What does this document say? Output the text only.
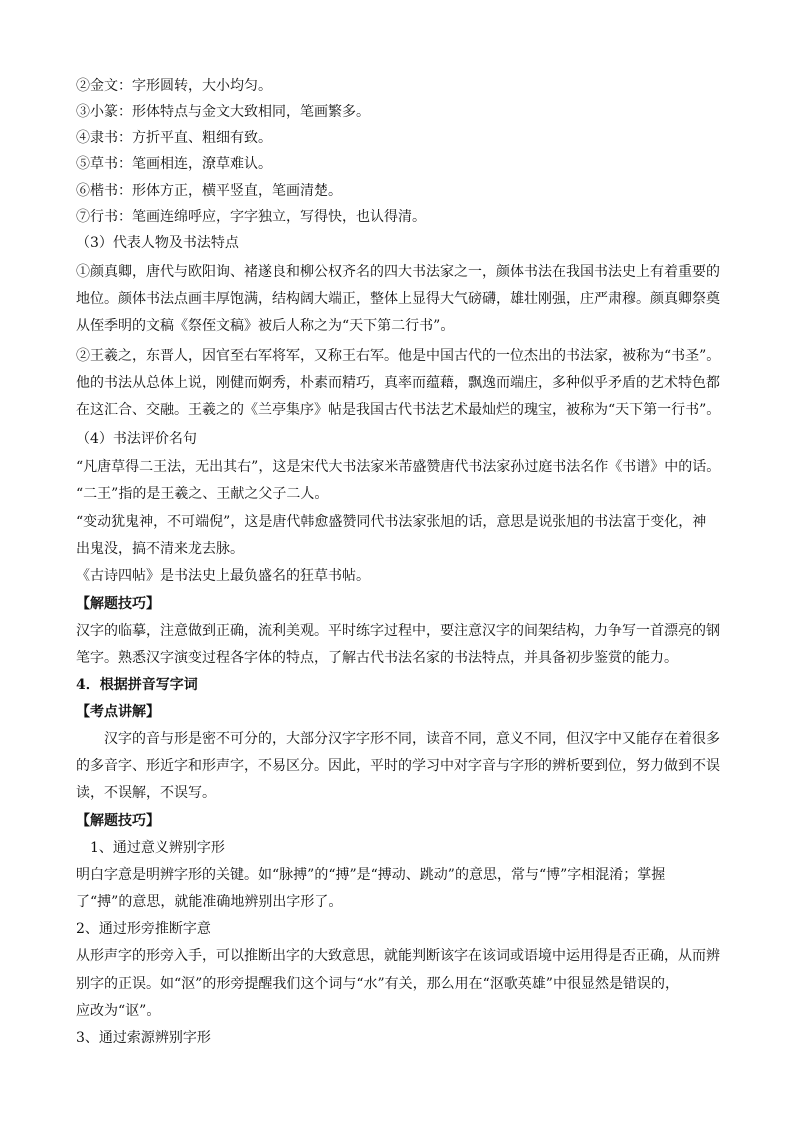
②金文：字形圆转，大小均匀。
③小篆：形体特点与金文大致相同，笔画繁多。
④隶书：方折平直、粗细有致。
⑤草书：笔画相连，潦草难认。
⑥楷书：形体方正，横平竖直，笔画清楚。
⑦行书：笔画连绵呼应，字字独立，写得快，也认得清。
（3）代表人物及书法特点
①颜真卿，唐代与欧阳询、褚遂良和柳公权齐名的四大书法家之一，颜体书法在我国书法史上有着重要的
地位。颜体书法点画丰厚饱满，结构阔大端正，整体上显得大气磅礴，雄壮刚强，庄严肃穆。颜真卿祭奠
从侄季明的文稿《祭侄文稿》被后人称之为“天下第二行书”。
②王羲之，东晋人，因官至右军将军，又称王右军。他是中国古代的一位杰出的书法家，被称为“书圣”。
他的书法从总体上说，刚健而婀秀，朴素而精巧，真率而蕴藉，飘逸而端庄，多种似乎矛盾的艺术特色都
在这汇合、交融。王羲之的《兰亭集序》帖是我国古代书法艺术最灿烂的瑰宝，被称为“天下第一行书”。
（4）书法评价名句
“凡唐草得二王法，无出其右”，这是宋代大书法家米芾盛赞唐代书法家孙过庭书法名作《书谱》中的话。
“二王”指的是王羲之、王献之父子二人。
“变动犹鬼神，不可端倪”，这是唐代韩愈盛赞同代书法家张旭的话，意思是说张旭的书法富于变化，神
出鬼没，搞不清来龙去脉。
《古诗四帖》是书法史上最负盛名的狂草书帖。
【解题技巧】
汉字的临摹，注意做到正确，流利美观。平时练字过程中，要注意汉字的间架结构，力争写一首漂亮的钢
笔字。熟悉汉字演变过程各字体的特点，了解古代书法名家的书法特点，并具备初步鉴赏的能力。
4．根据拼音写字词
【考点讲解】
　　汉字的音与形是密不可分的，大部分汉字字形不同，读音不同，意义不同，但汉字中又能存在着很多
的多音字、形近字和形声字，不易区分。因此，平时的学习中对字音与字形的辨析要到位，努力做到不误
读，不误解，不误写。
【解题技巧】
　1、通过意义辨别字形
明白字意是明辨字形的关键。如“脉搏”的“搏”是“搏动、跳动”的意思，常与“博”字相混淆；掌握
了“搏”的意思，就能准确地辨别出字形了。
2、通过形旁推断字意
从形声字的形旁入手，可以推断出字的大致意思，就能判断该字在该词或语境中运用得是否正确，从而辨
别字的正误。如“沤”的形旁提醒我们这个词与“水”有关，那么用在“沤歌英雄”中很显然是错误的，
应改为“讴”。
3、通过索源辨别字形
